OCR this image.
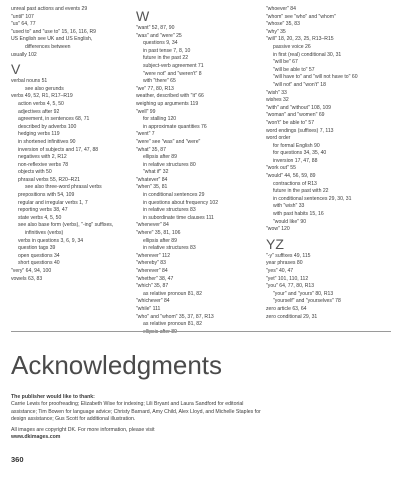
unreal past actions and events 29
"until" 107
"us" 64, 77
"used to" and "use to" 15, 16, 116, R9
US English see UK and US English,
differences between
usually 102
V
verbal nouns 51
see also gerunds
verbs 49, 52, R1, R17–R19
action verbs 4, 5, 50
adjectives after 92
agreement, in sentences 68, 71
described by adverbs 100
hedging verbs 119
in shortened infinitives 90
inversion of subjects and 17, 47, 88
negatives with 2, R12
non-reflexive verbs 78
objects with 50
phrasal verbs 55, R20–R21
see also three-word phrasal verbs
prepositions with 54, 109
regular and irregular verbs 1, 7
reporting verbs 38, 47
state verbs 4, 5, 50
see also base form (verbs), "-ing" suffixes,
infinitives (verbs)
verbs in questions 3, 6, 9, 34
question tags 39
open questions 34
short questions 40
"very" 64, 94, 100
vowels 63, 83
W
"want" 52, 87, 90
"was" and "were" 25
questions 9, 34
in past tense 7, 8, 10
future in the past 22
subject-verb agreement 71
"were not" and "weren't" 8
with "there" 65
"we" 77, 80, R13
weather, described with "it" 66
weighing up arguments 119
"well" 99
for stalling 120
in approximate quantities 76
"went" 7
"were" see "was" and "were"
"what" 35, 87
ellipsis after 89
in relative structures 80
"what if" 32
"whatever" 84
"when" 35, 81
in conditional sentences 29
in questions about frequency 102
in relative structures 83
in subordinate time clauses 111
"whenever" 84
"where" 35, 81, 106
ellipsis after 89
in relative structures 83
"wherever" 112
"whereby" 83
"wherever" 84
"whether" 38, 47
"which" 35, 87
as relative pronoun 81, 82
"whichever" 84
"while" 111
"who" and "whom" 35, 37, 87, R13
as relative pronoun 81, 82
ellipsis after 89
"whoever" 84
"whom" see "who" and "whom"
"whose" 35, 83
"why" 35
"will" 18, 20, 23, 25, R13–R15
passive voice 26
in first (real) conditional 30, 31
"will be" 67
"will be able to" 57
"will have to" and "will not have to" 60
"will not" and "won't" 18
"wish" 33
wishes 32
"with" and "without" 108, 109
"woman" and "women" 69
"won't" be able to" 57
word endings (suffixes) 7, 113
word order
for formal English 90
for questions 34, 35, 40
inversion 17, 47, 88
"work out" 55
"would" 44, 56, 59, 89
contractions of R13
future in the past with 22
in conditional sentences 29, 30, 31
with "wish" 33
with past habits 15, 16
"would like" 90
"wow" 120
YZ
"-y" suffixes 49, 115
year phrases 80
"yes" 40, 47
"yet" 101, 110, 112
"you" 64, 77, 80, R13
"your" and "yours" 80, R13
"yourself" and "yourselves" 78
zero article 63, 64
zero conditional 29, 31
Acknowledgments

The publisher would like to thank:
Carrie Lewis for proofreading; Elizabeth Wise for indexing; Lili Bryant and Laura Sandford for editorial assistance; Tim Bowen for language advice; Christy Barnard, Amy Child, Alex Lloyd, and Michelle Staples for design assistance; Gus Scott for additional illustration.

All images are copyright DK. For more information, please visit
www.dkimages.com

360
